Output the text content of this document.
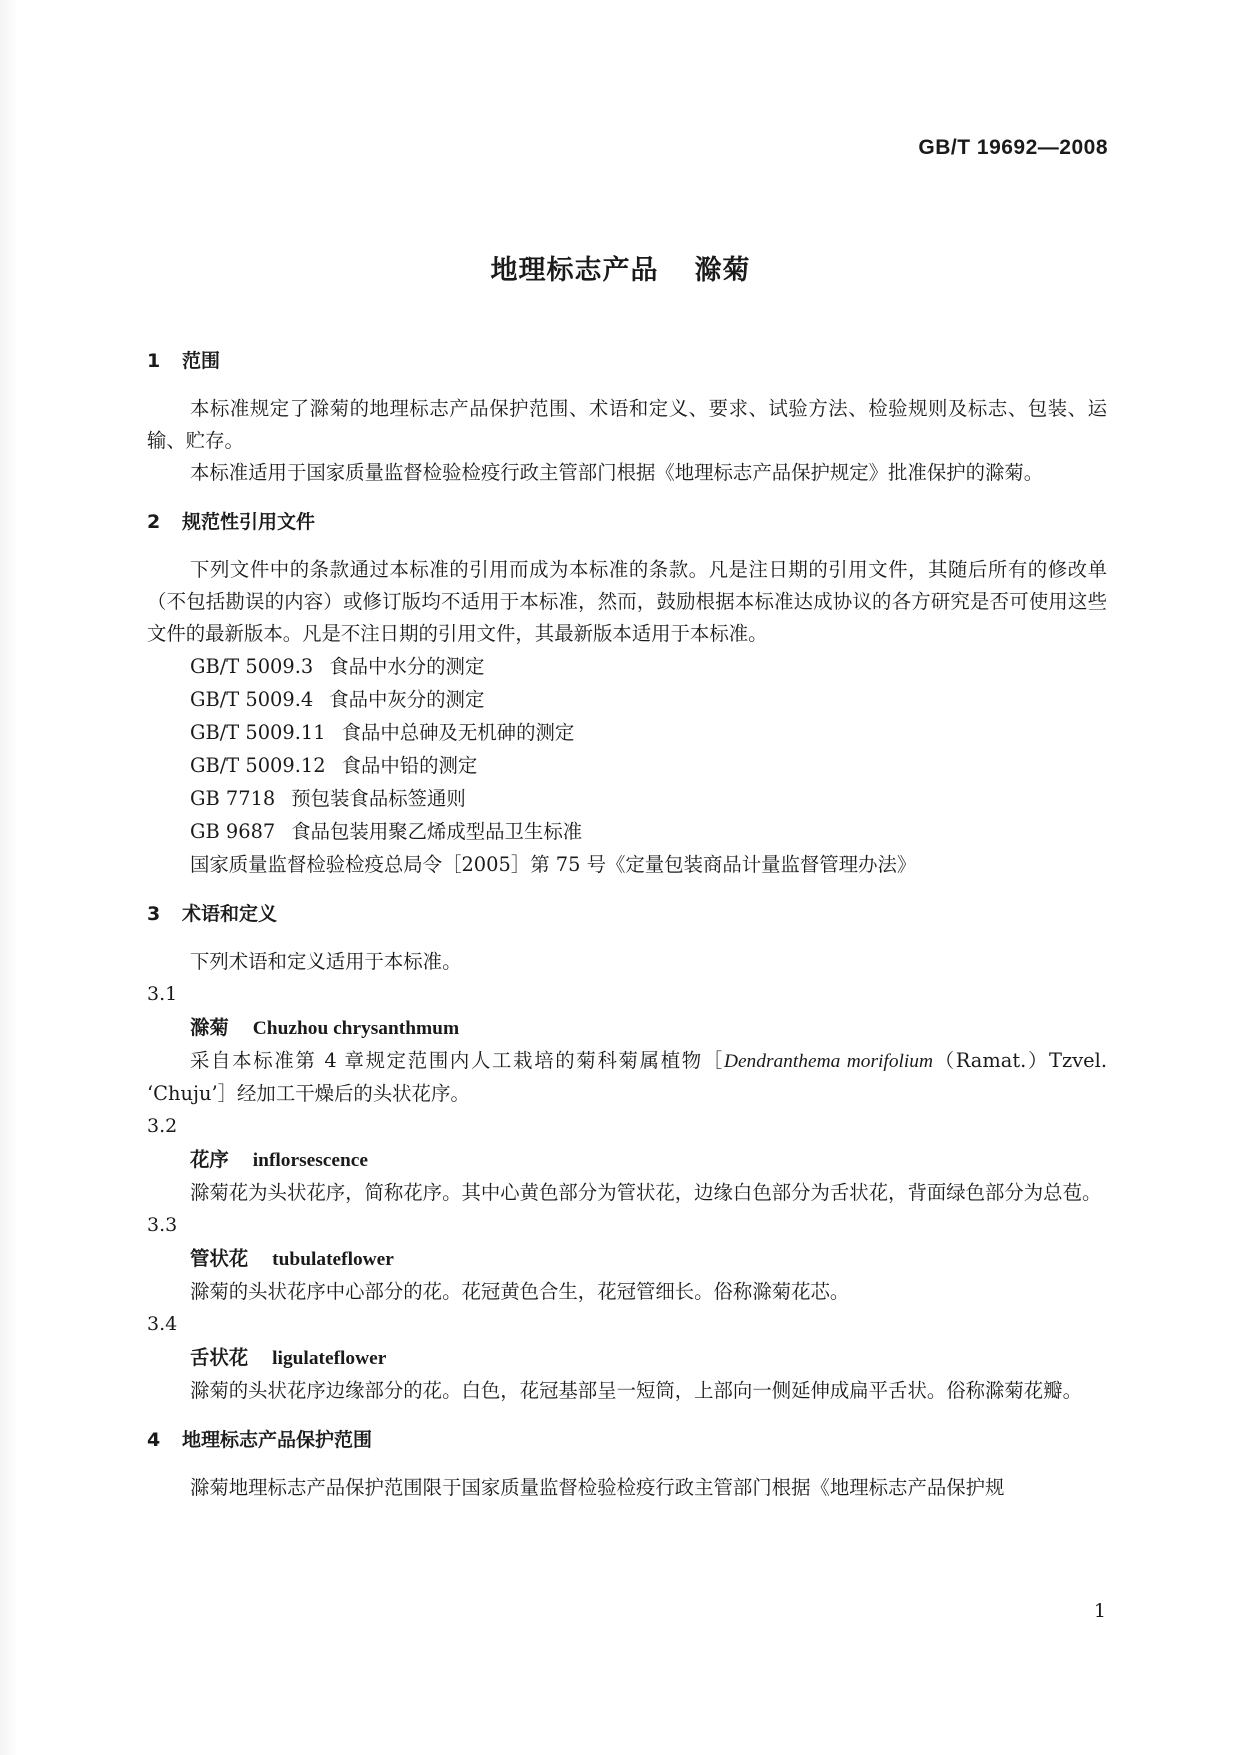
GB/T 19692—2008
地理标志产品 滁菊
1 范围
本标准规定了滁菊的地理标志产品保护范围、术语和定义、要求、试验方法、检验规则及标志、包装、运输、贮存。
本标准适用于国家质量监督检验检疫行政主管部门根据《地理标志产品保护规定》批准保护的滁菊。
2 规范性引用文件
下列文件中的条款通过本标准的引用而成为本标准的条款。凡是注日期的引用文件，其随后所有的修改单（不包括勘误的内容）或修订版均不适用于本标准，然而，鼓励根据本标准达成协议的各方研究是否可使用这些文件的最新版本。凡是不注日期的引用文件，其最新版本适用于本标准。
GB/T 5009.3 食品中水分的测定
GB/T 5009.4 食品中灰分的测定
GB/T 5009.11 食品中总砷及无机砷的测定
GB/T 5009.12 食品中铅的测定
GB 7718 预包装食品标签通则
GB 9687 食品包装用聚乙烯成型品卫生标准
国家质量监督检验检疫总局令［2005］第 75 号《定量包装商品计量监督管理办法》
3 术语和定义
下列术语和定义适用于本标准。
3.1
滁菊 Chuzhou chrysanthmum
采自本标准第 4 章规定范围内人工栽培的菊科菊属植物［Dendranthema morifolium（Ramat.）Tzvel. ‘Chuju’］经加工干燥后的头状花序。
3.2
花序 inflorsescence
滁菊花为头状花序，简称花序。其中心黄色部分为管状花，边缘白色部分为舌状花，背面绿色部分为总苞。
3.3
管状花 tubulateflower
滁菊的头状花序中心部分的花。花冠黄色合生，花冠管细长。俗称滁菊花芯。
3.4
舌状花 ligulateflower
滁菊的头状花序边缘部分的花。白色，花冠基部呈一短筒，上部向一侧延伸成扁平舌状。俗称滁菊花瓣。
4 地理标志产品保护范围
滁菊地理标志产品保护范围限于国家质量监督检验检疫行政主管部门根据《地理标志产品保护规
1
